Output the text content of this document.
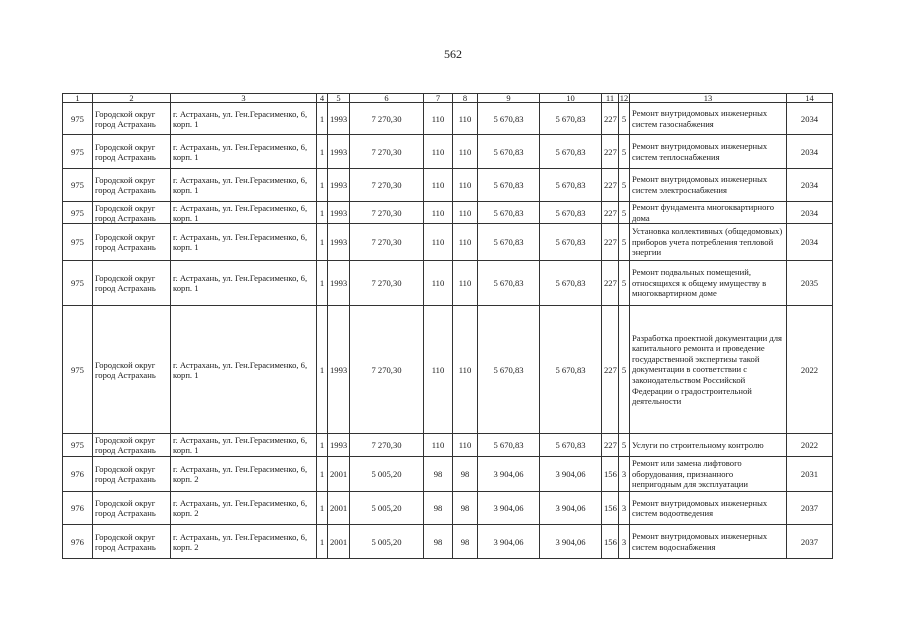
562
1	2	3	4	5	6	7	8	9	10	11	12	13	14
975	Городской округ город Астрахань	г. Астрахань, ул. Ген.Герасименко, 6, корп. 1	1	1993	7 270,30	110	110	5 670,83	5 670,83	227	5	Ремонт внутридомовых инженерных систем газоснабжения	2034
975	Городской округ город Астрахань	г. Астрахань, ул. Ген.Герасименко, 6, корп. 1	1	1993	7 270,30	110	110	5 670,83	5 670,83	227	5	Ремонт внутридомовых инженерных систем теплоснабжения	2034
975	Городской округ город Астрахань	г. Астрахань, ул. Ген.Герасименко, 6, корп. 1	1	1993	7 270,30	110	110	5 670,83	5 670,83	227	5	Ремонт внутридомовых инженерных систем электроснабжения	2034
975	Городской округ город Астрахань	г. Астрахань, ул. Ген.Герасименко, 6, корп. 1	1	1993	7 270,30	110	110	5 670,83	5 670,83	227	5	Ремонт фундамента многоквартирного дома	2034
975	Городской округ город Астрахань	г. Астрахань, ул. Ген.Герасименко, 6, корп. 1	1	1993	7 270,30	110	110	5 670,83	5 670,83	227	5	Установка коллективных (общедомовых) приборов учета потребления тепловой энергии	2034
975	Городской округ город Астрахань	г. Астрахань, ул. Ген.Герасименко, 6, корп. 1	1	1993	7 270,30	110	110	5 670,83	5 670,83	227	5	Ремонт подвальных помещений, относящихся к общему имуществу в многоквартирном доме	2035
975	Городской округ город Астрахань	г. Астрахань, ул. Ген.Герасименко, 6, корп. 1	1	1993	7 270,30	110	110	5 670,83	5 670,83	227	5	Разработка проектной документации для капитального ремонта и проведение государственной экспертизы такой документации в соответствии с законодательством Российской Федерации о градостроительной деятельности	2022
975	Городской округ город Астрахань	г. Астрахань, ул. Ген.Герасименко, 6, корп. 1	1	1993	7 270,30	110	110	5 670,83	5 670,83	227	5	Услуги по строительному контролю	2022
976	Городской округ город Астрахань	г. Астрахань, ул. Ген.Герасименко, 6, корп. 2	1	2001	5 005,20	98	98	3 904,06	3 904,06	156	3	Ремонт или замена лифтового оборудования, признанного непригодным для эксплуатации	2031
976	Городской округ город Астрахань	г. Астрахань, ул. Ген.Герасименко, 6, корп. 2	1	2001	5 005,20	98	98	3 904,06	3 904,06	156	3	Ремонт внутридомовых инженерных систем водоотведения	2037
976	Городской округ город Астрахань	г. Астрахань, ул. Ген.Герасименко, 6, корп. 2	1	2001	5 005,20	98	98	3 904,06	3 904,06	156	3	Ремонт внутридомовых инженерных систем водоснабжения	2037
